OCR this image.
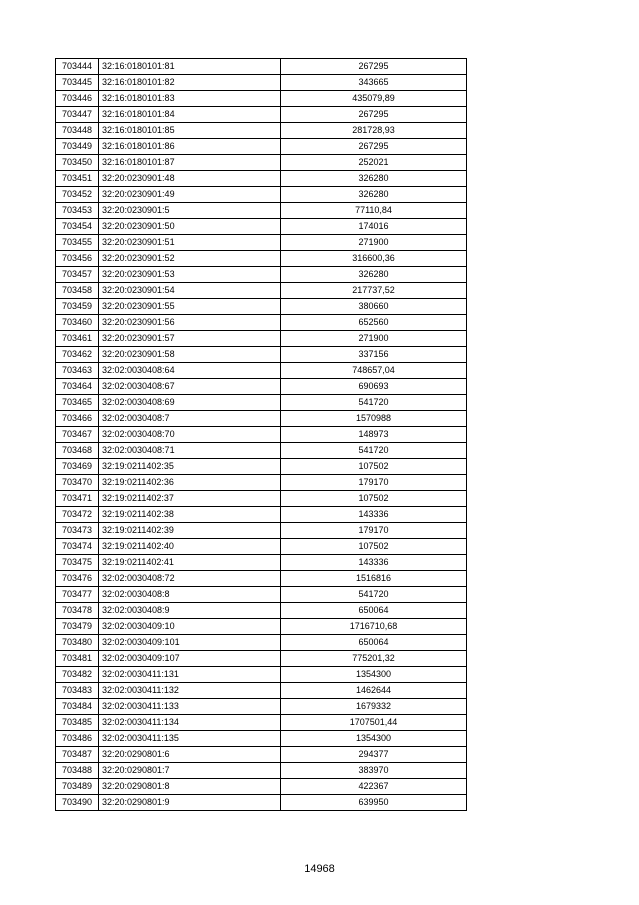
703444	32:16:0180101:81	267295
703445	32:16:0180101:82	343665
703446	32:16:0180101:83	435079,89
703447	32:16:0180101:84	267295
703448	32:16:0180101:85	281728,93
703449	32:16:0180101:86	267295
703450	32:16:0180101:87	252021
703451	32:20:0230901:48	326280
703452	32:20:0230901:49	326280
703453	32:20:0230901:5	77110,84
703454	32:20:0230901:50	174016
703455	32:20:0230901:51	271900
703456	32:20:0230901:52	316600,36
703457	32:20:0230901:53	326280
703458	32:20:0230901:54	217737,52
703459	32:20:0230901:55	380660
703460	32:20:0230901:56	652560
703461	32:20:0230901:57	271900
703462	32:20:0230901:58	337156
703463	32:02:0030408:64	748657,04
703464	32:02:0030408:67	690693
703465	32:02:0030408:69	541720
703466	32:02:0030408:7	1570988
703467	32:02:0030408:70	148973
703468	32:02:0030408:71	541720
703469	32:19:0211402:35	107502
703470	32:19:0211402:36	179170
703471	32:19:0211402:37	107502
703472	32:19:0211402:38	143336
703473	32:19:0211402:39	179170
703474	32:19:0211402:40	107502
703475	32:19:0211402:41	143336
703476	32:02:0030408:72	1516816
703477	32:02:0030408:8	541720
703478	32:02:0030408:9	650064
703479	32:02:0030409:10	1716710,68
703480	32:02:0030409:101	650064
703481	32:02:0030409:107	775201,32
703482	32:02:0030411:131	1354300
703483	32:02:0030411:132	1462644
703484	32:02:0030411:133	1679332
703485	32:02:0030411:134	1707501,44
703486	32:02:0030411:135	1354300
703487	32:20:0290801:6	294377
703488	32:20:0290801:7	383970
703489	32:20:0290801:8	422367
703490	32:20:0290801:9	639950
14968
